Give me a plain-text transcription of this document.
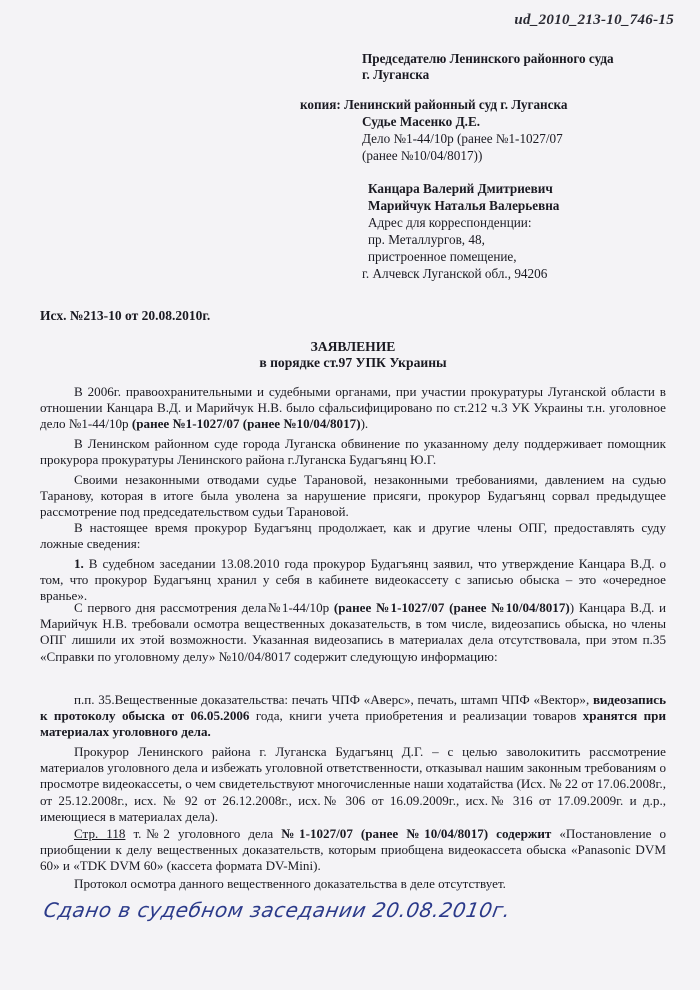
ud_2010_213-10_746-15
Председателю Ленинского районного суда
г. Луганска
копия: Ленинский районный суд г. Луганска
Судье Масенко Д.Е.
Дело №1-44/10р (ранее №1-1027/07
(ранее №10/04/8017))
Канцара Валерий Дмитриевич
Марийчук Наталья Валерьевна
Адрес для корреспонденции:
пр. Металлургов, 48,
пристроенное помещение,
г. Алчевск Луганской обл., 94206
Исх. №213-10 от 20.08.2010г.
ЗАЯВЛЕНИЕ
в порядке ст.97 УПК Украины
В 2006г. правоохранительными и судебными органами, при участии прокуратуры Луганской области в отношении Канцара В.Д. и Марийчук Н.В. было сфальсифицировано по ст.212 ч.3 УК Украины т.н. уголовное дело №1-44/10р (ранее №1-1027/07 (ранее №10/04/8017)).
В Ленинском районном суде города Луганска обвинение по указанному делу поддерживает помощник прокурора прокуратуры Ленинского района г.Луганска Будагъянц Ю.Г.
Своими незаконными отводами судье Тарановой, незаконными требованиями, давлением на судью Таранову, которая в итоге была уволена за нарушение присяги, прокурор Будагъянц сорвал предыдущее рассмотрение под председательством судьи Тарановой.
В настоящее время прокурор Будагъянц продолжает, как и другие члены ОПГ, предоставлять суду ложные сведения:
1. В судебном заседании 13.08.2010 года прокурор Будагъянц заявил, что утверждение Канцара В.Д. о том, что прокурор Будагъянц хранил у себя в кабинете видеокассету с записью обыска – это «очередное вранье».
С первого дня рассмотрения дела№1-44/10р (ранее №1-1027/07 (ранее №10/04/8017)) Канцара В.Д. и Марийчук Н.В. требовали осмотра вещественных доказательств, в том числе, видеозапись обыска, но члены ОПГ лишили их этой возможности. Указанная видеозапись в материалах дела отсутствовала, при этом п.35 «Справки по уголовному делу» №10/04/8017 содержит следующую информацию:
п.п. 35.Вещественные доказательства: печать ЧПФ «Аверс», печать, штамп ЧПФ «Вектор», видеозапись к протоколу обыска от 06.05.2006 года, книги учета приобретения и реализации товаров хранятся при материалах уголовного дела.
Прокурор Ленинского района г. Луганска Будагъянц Д.Г. – с целью заволокитить рассмотрение материалов уголовного дела и избежать уголовной ответственности, отказывал нашим законным требованиям о просмотре видеокассеты, о чем свидетельствуют многочисленные наши ходатайства (Исх. № 22 от 17.06.2008г., от 25.12.2008г., исх. № 92 от 26.12.2008г., исх.№ 306 от 16.09.2009г., исх.№ 316 от 17.09.2009г. и д.р., имеющиеся в материалах дела).
Стр. 118 т.№2 уголовного дела №1-1027/07 (ранее №10/04/8017) содержит «Постановление о приобщении к делу вещественных доказательств, которым приобщена видеокассета обыска «Panasonic DVM 60» и «TDK DVM 60» (кассета формата DV-Mini).
Протокол осмотра данного вещественного доказательства в деле отсутствует.
Сдано в судебном заседании 20.08.2010г.
